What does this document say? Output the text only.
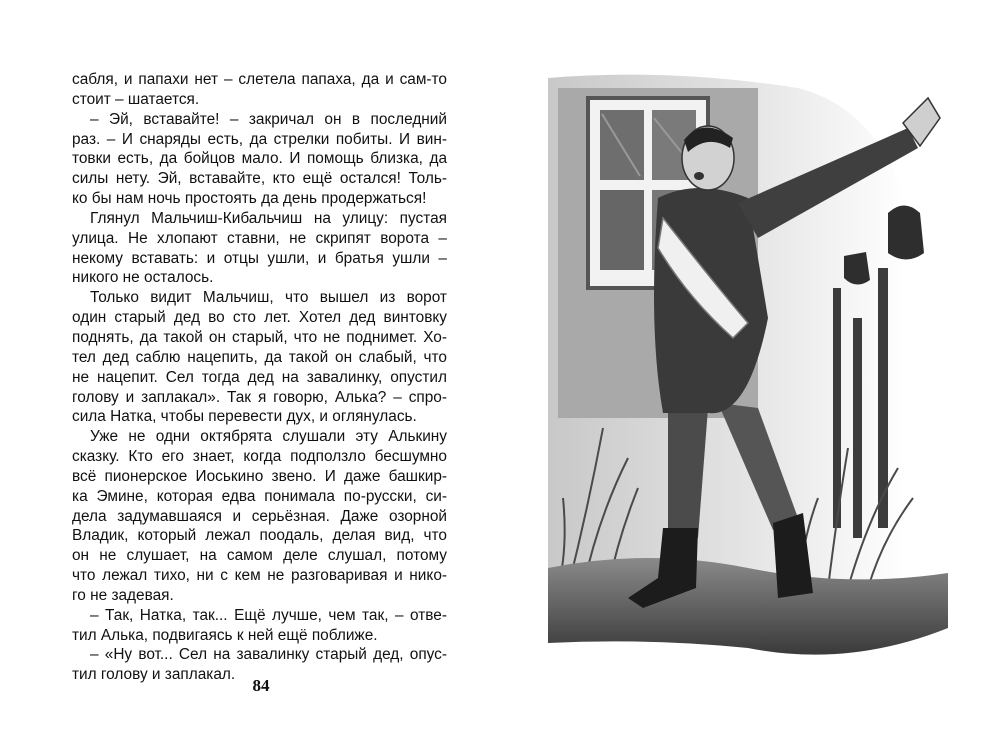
сабля, и папахи нет – слетела папаха, да и сам-то
стоит – шатается.
– Эй, вставайте! – закричал он в последний
раз. – И снаряды есть, да стрелки побиты. И вин-
товки есть, да бойцов мало. И помощь близка, да
силы нету. Эй, вставайте, кто ещё остался! Толь-
ко бы нам ночь простоять да день продержаться!
Глянул Мальчиш-Кибальчиш на улицу: пустая
улица. Не хлопают ставни, не скрипят ворота –
некому вставать: и отцы ушли, и братья ушли –
никого не осталось.
Только видит Мальчиш, что вышел из ворот
один старый дед во сто лет. Хотел дед винтовку
поднять, да такой он старый, что не поднимет. Хо-
тел дед саблю нацепить, да такой он слабый, что
не нацепит. Сел тогда дед на завалинку, опустил
голову и заплакал». Так я говорю, Алька? – спро-
сила Натка, чтобы перевести дух, и оглянулась.
Уже не одни октябрята слушали эту Алькину
сказку. Кто его знает, когда подползло бесшумно
всё пионерское Иоськино звено. И даже башкир-
ка Эмине, которая едва понимала по-русски, си-
дела задумавшаяся и серьёзная. Даже озорной
Владик, который лежал поодаль, делая вид, что
он не слушает, на самом деле слушал, потому
что лежал тихо, ни с кем не разговаривая и нико-
го не задевая.
– Так, Натка, так... Ещё лучше, чем так, – отве-
тил Алька, подвигаясь к ней ещё поближе.
– «Ну вот... Сел на завалинку старый дед, опус-
тил голову и заплакал.
84
